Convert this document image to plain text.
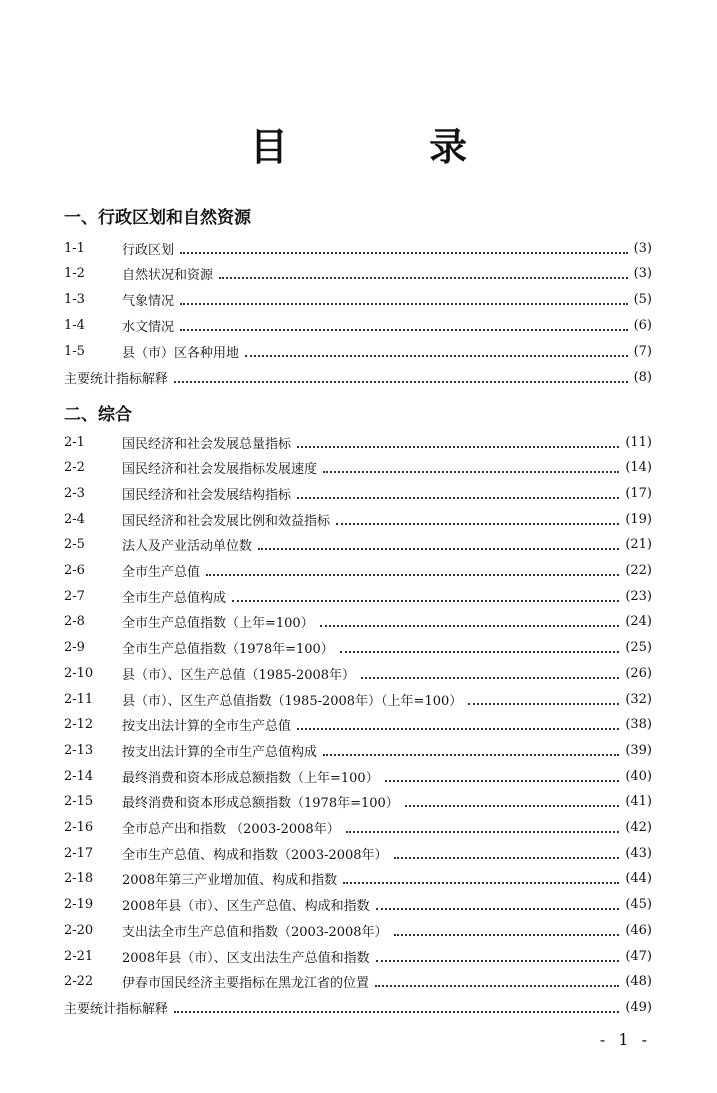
目 录
一、行政区划和自然资源
1-1	行政区划	(3)
1-2	自然状况和资源	(3)
1-3	气象情况	(5)
1-4	水文情况	(6)
1-5	县（市）区各种用地	(7)
主要统计指标解释	(8)
二、综合
2-1	国民经济和社会发展总量指标	(11)
2-2	国民经济和社会发展指标发展速度	(14)
2-3	国民经济和社会发展结构指标	(17)
2-4	国民经济和社会发展比例和效益指标	(19)
2-5	法人及产业活动单位数	(21)
2-6	全市生产总值	(22)
2-7	全市生产总值构成	(23)
2-8	全市生产总值指数（上年=100）	(24)
2-9	全市生产总值指数（1978年=100）	(25)
2-10	县（市）、区生产总值（1985-2008年）	(26)
2-11	县（市）、区生产总值指数（1985-2008年）（上年=100）	(32)
2-12	按支出法计算的全市生产总值	(38)
2-13	按支出法计算的全市生产总值构成	(39)
2-14	最终消费和资本形成总额指数（上年=100）	(40)
2-15	最终消费和资本形成总额指数（1978年=100）	(41)
2-16	全市总产出和指数 （2003-2008年）	(42)
2-17	全市生产总值、构成和指数（2003-2008年）	(43)
2-18	2008年第三产业增加值、构成和指数	(44)
2-19	2008年县（市）、区生产总值、构成和指数	(45)
2-20	支出法全市生产总值和指数（2003-2008年）	(46)
2-21	2008年县（市）、区支出法生产总值和指数	(47)
2-22	伊春市国民经济主要指标在黑龙江省的位置	(48)
主要统计指标解释	(49)
- 1 -
